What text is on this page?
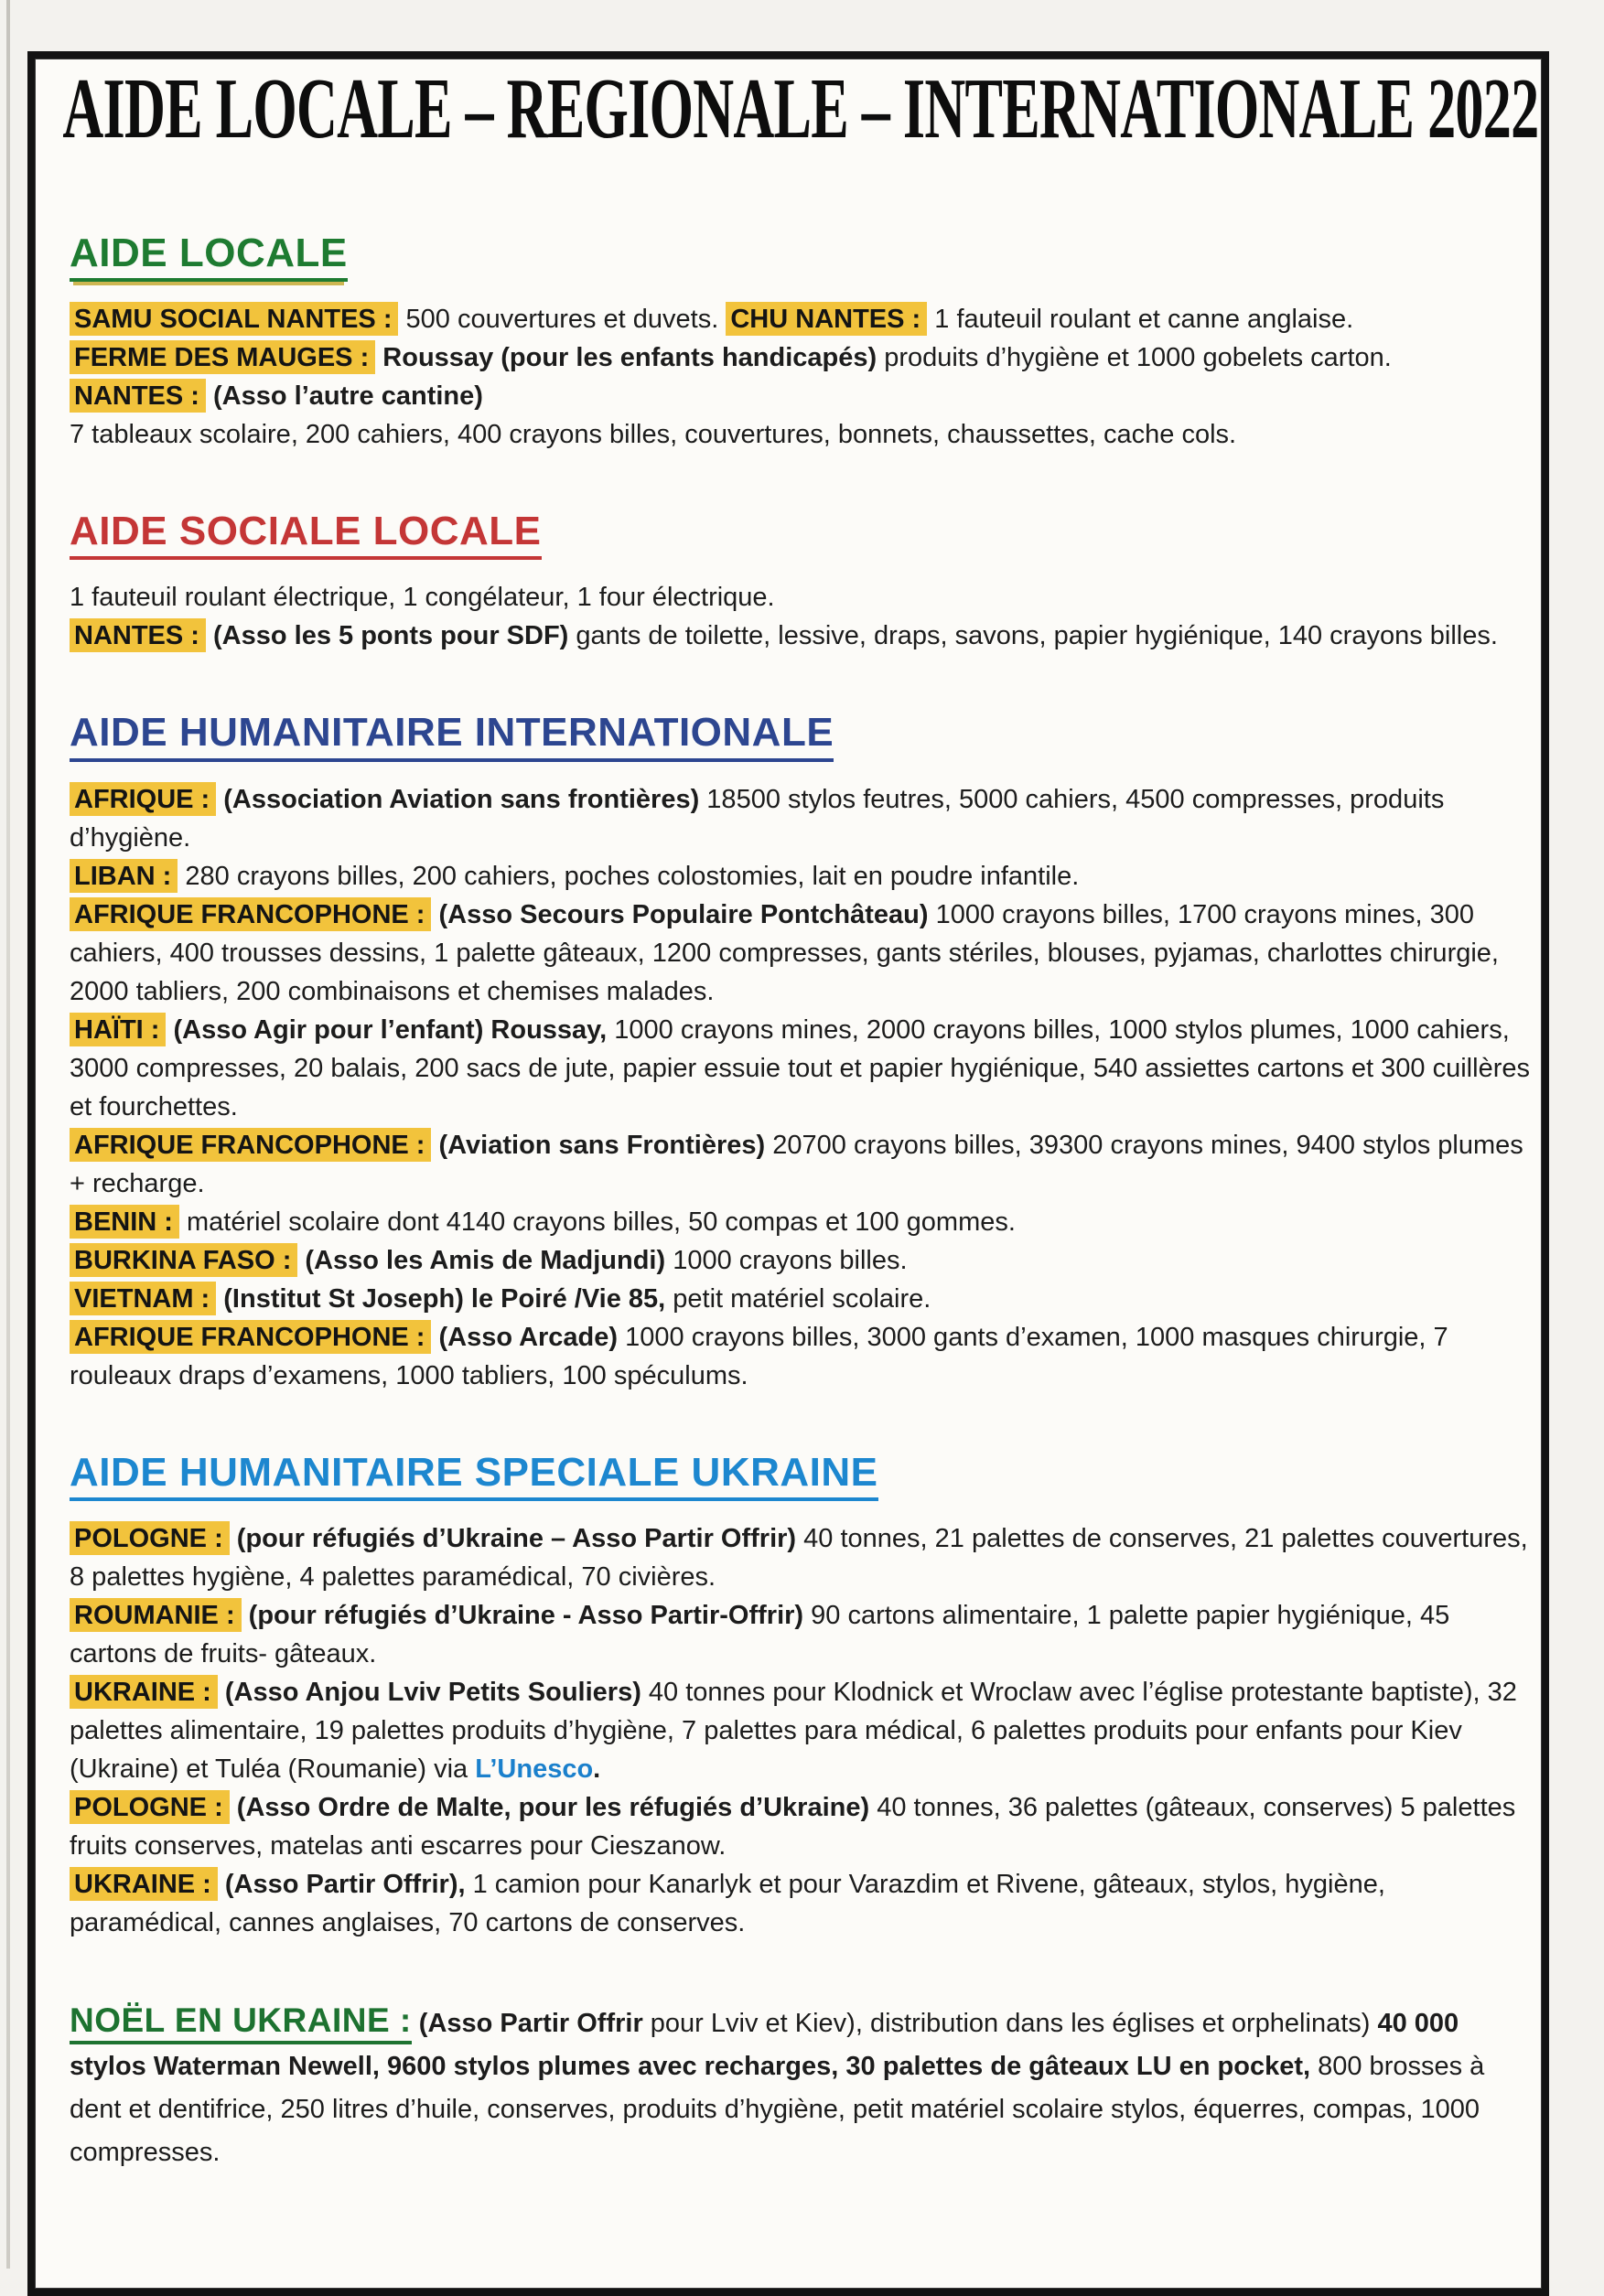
AIDE LOCALE – REGIONALE – INTERNATIONALE 2022
AIDE LOCALE

SAMU SOCIAL NANTES : 500 couvertures et duvets. CHU NANTES : 1 fauteuil roulant et canne anglaise.

FERME DES MAUGES : Roussay (pour les enfants handicapés) produits d’hygiène et 1000 gobelets carton.

NANTES : (Asso l’autre cantine)

7 tableaux scolaire, 200 cahiers, 400 crayons billes, couvertures, bonnets, chaussettes, cache cols.

AIDE SOCIALE LOCALE

1 fauteuil roulant électrique, 1 congélateur, 1 four électrique.

NANTES : (Asso les 5 ponts pour SDF) gants de toilette, lessive, draps, savons, papier hygiénique, 140 crayons billes.

AIDE HUMANITAIRE INTERNATIONALE

AFRIQUE : (Association Aviation sans frontières) 18500 stylos feutres, 5000 cahiers, 4500 compresses, produits d’hygiène.

LIBAN : 280 crayons billes, 200 cahiers, poches colostomies, lait en poudre infantile.

AFRIQUE FRANCOPHONE : (Asso Secours Populaire Pontchâteau) 1000 crayons billes, 1700 crayons mines, 300 cahiers, 400 trousses dessins, 1 palette gâteaux, 1200 compresses, gants stériles, blouses, pyjamas, charlottes chirurgie, 2000 tabliers, 200 combinaisons et chemises malades.

HAÏTI : (Asso Agir pour l’enfant) Roussay, 1000 crayons mines, 2000 crayons billes, 1000 stylos plumes, 1000 cahiers, 3000 compresses, 20 balais, 200 sacs de jute, papier essuie tout et papier hygiénique, 540 assiettes cartons et 300 cuillères et fourchettes.

AFRIQUE FRANCOPHONE : (Aviation sans Frontières) 20700 crayons billes, 39300 crayons mines, 9400 stylos plumes + recharge.

BENIN : matériel scolaire dont 4140 crayons billes, 50 compas et 100 gommes.

BURKINA FASO : (Asso les Amis de Madjundi) 1000 crayons billes.

VIETNAM : (Institut St Joseph) le Poiré /Vie 85, petit matériel scolaire.

AFRIQUE FRANCOPHONE : (Asso Arcade) 1000 crayons billes, 3000 gants d’examen, 1000 masques chirurgie, 7 rouleaux draps d’examens, 1000 tabliers, 100 spéculums.

AIDE HUMANITAIRE SPECIALE UKRAINE

POLOGNE : (pour réfugiés d’Ukraine – Asso Partir Offrir) 40 tonnes, 21 palettes de conserves, 21 palettes couvertures, 8 palettes hygiène, 4 palettes paramédical, 70 civières.

ROUMANIE : (pour réfugiés d’Ukraine - Asso Partir-Offrir) 90 cartons alimentaire, 1 palette papier hygiénique, 45 cartons de fruits- gâteaux.

UKRAINE : (Asso Anjou Lviv Petits Souliers) 40 tonnes pour Klodnick et Wroclaw avec l’église protestante baptiste), 32 palettes alimentaire, 19 palettes produits d’hygiène, 7 palettes para médical, 6 palettes produits pour enfants pour Kiev (Ukraine) et Tuléa (Roumanie) via L’Unesco.

POLOGNE : (Asso Ordre de Malte, pour les réfugiés d’Ukraine) 40 tonnes, 36 palettes (gâteaux, conserves) 5 palettes fruits conserves, matelas anti escarres pour Cieszanow.

UKRAINE : (Asso Partir Offrir), 1 camion pour Kanarlyk et pour Varazdim et Rivene, gâteaux, stylos, hygiène, paramédical, cannes anglaises, 70 cartons de conserves.

NOËL EN UKRAINE : (Asso Partir Offrir pour Lviv et Kiev), distribution dans les églises et orphelinats) 40 000 stylos Waterman Newell, 9600 stylos plumes avec recharges, 30 palettes de gâteaux LU en pocket, 800 brosses à dent et dentifrice, 250 litres d’huile, conserves, produits d’hygiène, petit matériel scolaire stylos, équerres, compas, 1000 compresses.
